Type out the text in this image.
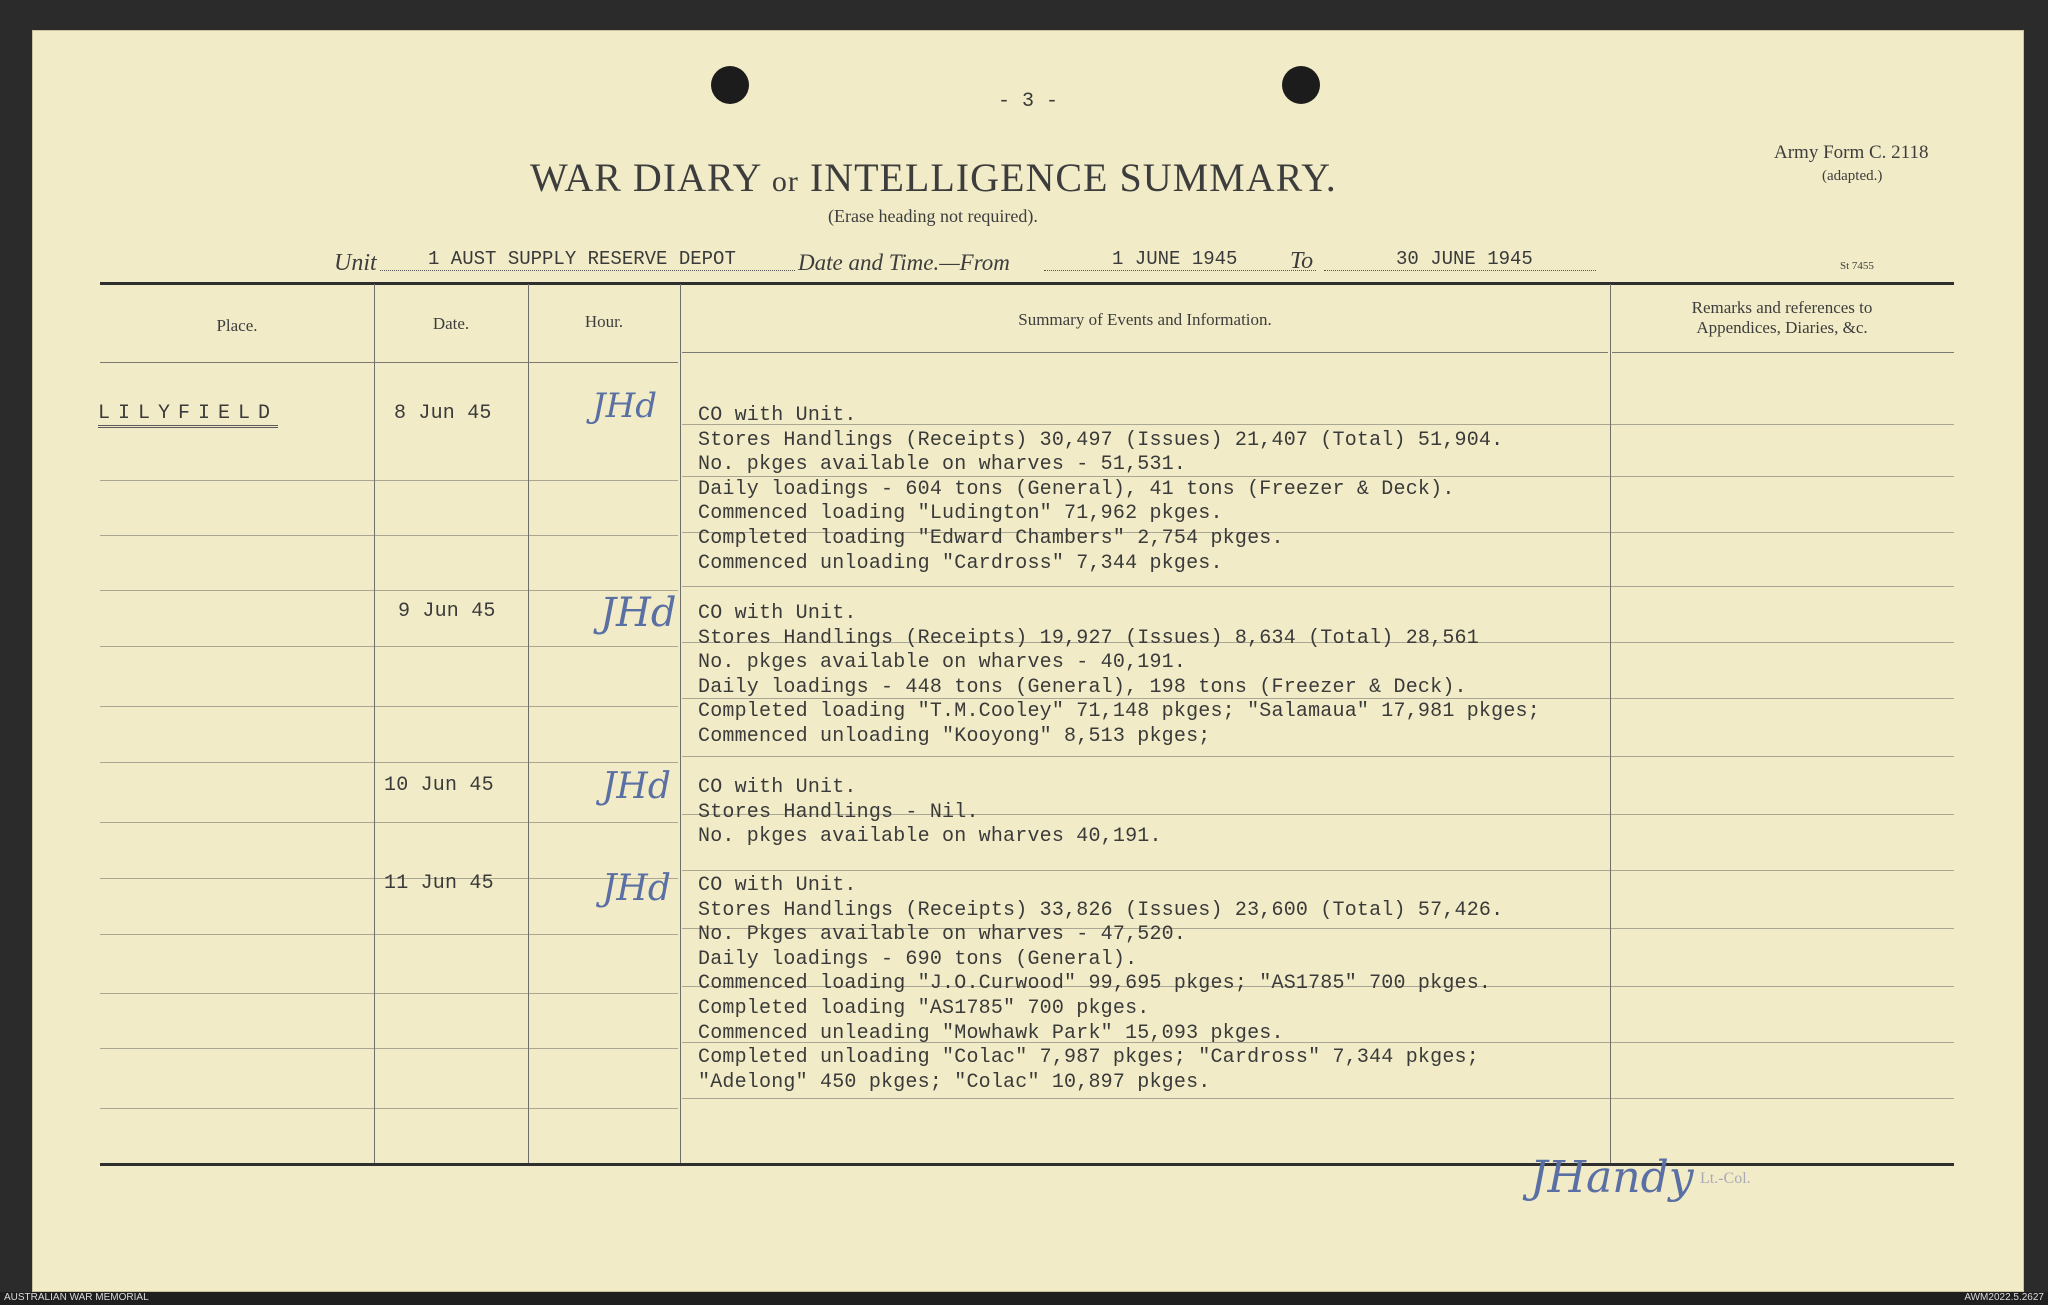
- 3 -
WAR DIARY or INTELLIGENCE SUMMARY.
(Erase heading not required).
Army Form C. 2118
(adapted.)
St 7455
Unit	1 AUST SUPPLY RESERVE DEPOT	Date and Time.—From	1 JUNE 1945	To	30 JUNE 1945
Place.	Date.	Hour.	Summary of Events and Information.
Remarks and references to
Appendices, Diaries, &c.
LILYFIELD	8 Jun 45	JHd CO with Unit.
Stores Handlings (Receipts) 30,497 (Issues) 21,407 (Total) 51,904.
No. pkges available on wharves - 51,531.
Daily loadings - 604 tons (General), 41 tons (Freezer & Deck).
Commenced loading "Ludington" 71,962 pkges.
Completed loading "Edward Chambers" 2,754 pkges.
Commenced unloading "Cardross" 7,344 pkges.
9 Jun 45	JHd CO with Unit.
Stores Handlings (Receipts) 19,927 (Issues) 8,634 (Total) 28,561
No. pkges available on wharves - 40,191.
Daily loadings - 448 tons (General), 198 tons (Freezer & Deck).
Completed loading "T.M.Cooley" 71,148 pkges; "Salamaua" 17,981 pkges;
Commenced unloading "Kooyong" 8,513 pkges;
10 Jun 45	JHd CO with Unit.
Stores Handlings - Nil.
No. pkges available on wharves 40,191.
11 Jun 45	JHd CO with Unit.
Stores Handlings (Receipts) 33,826 (Issues) 23,600 (Total) 57,426.
No. Pkges available on wharves - 47,520.
Daily loadings - 690 tons (General).
Commenced loading "J.O.Curwood" 99,695 pkges; "AS1785" 700 pkges.
Completed loading "AS1785" 700 pkges.
Commenced unleading "Mowhawk Park" 15,093 pkges.
Completed unloading "Colac" 7,987 pkges; "Cardross" 7,344 pkges;
"Adelong" 450 pkges; "Colac" 10,897 pkges.
JHandy Lt.-Col.
AUSTRALIAN WAR MEMORIAL	AWM2022.5.2627
